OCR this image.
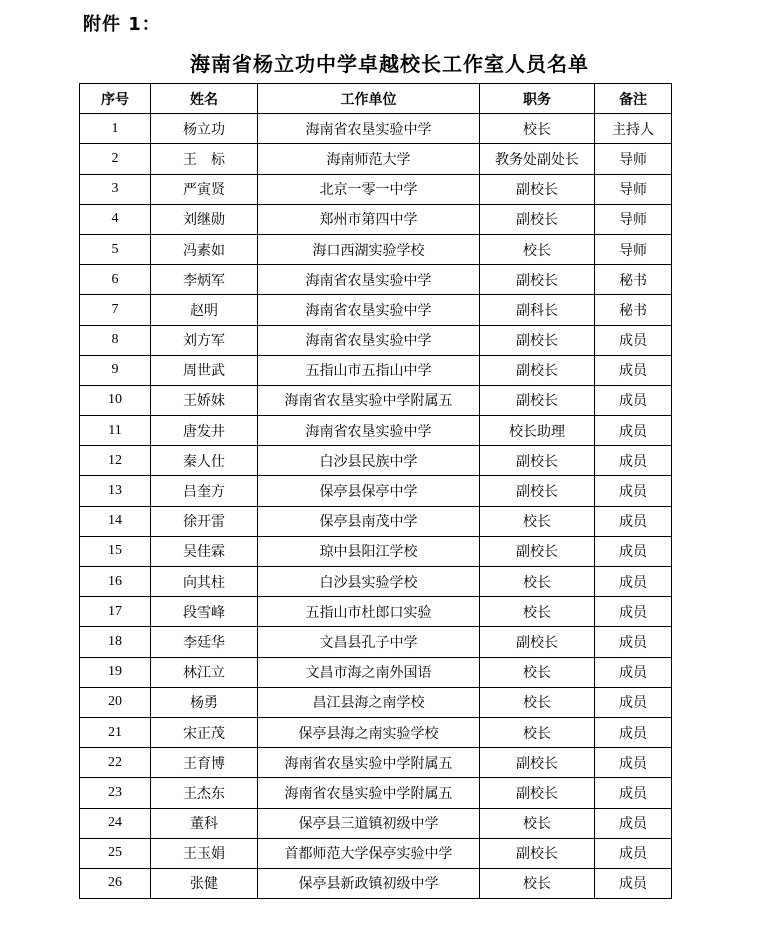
附件 1：
海南省杨立功中学卓越校长工作室人员名单
序号	姓名	工作单位	职务	备注
1	杨立功	海南省农垦实验中学	校长	主持人
2	王　标	海南师范大学	教务处副处长	导师
3	严寅贤	北京一零一中学	副校长	导师
4	刘继勋	郑州市第四中学	副校长	导师
5	冯素如	海口西湖实验学校	校长	导师
6	李炳军	海南省农垦实验中学	副校长	秘书
7	赵明	海南省农垦实验中学	副科长	秘书
8	刘方军	海南省农垦实验中学	副校长	成员
9	周世武	五指山市五指山中学	副校长	成员
10	王娇妹	海南省农垦实验中学附属五	副校长	成员
11	唐发井	海南省农垦实验中学	校长助理	成员
12	秦人仕	白沙县民族中学	副校长	成员
13	吕奎方	保亭县保亭中学	副校长	成员
14	徐开雷	保亭县南茂中学	校长	成员
15	吴佳霖	琼中县阳江学校	副校长	成员
16	向其柱	白沙县实验学校	校长	成员
17	段雪峰	五指山市杜郎口实验	校长	成员
18	李廷华	文昌县孔子中学	副校长	成员
19	林江立	文昌市海之南外国语	校长	成员
20	杨勇	昌江县海之南学校	校长	成员
21	宋正茂	保亭县海之南实验学校	校长	成员
22	王育博	海南省农垦实验中学附属五	副校长	成员
23	王杰东	海南省农垦实验中学附属五	副校长	成员
24	董科	保亭县三道镇初级中学	校长	成员
25	王玉娟	首都师范大学保亭实验中学	副校长	成员
26	张健	保亭县新政镇初级中学	校长	成员
